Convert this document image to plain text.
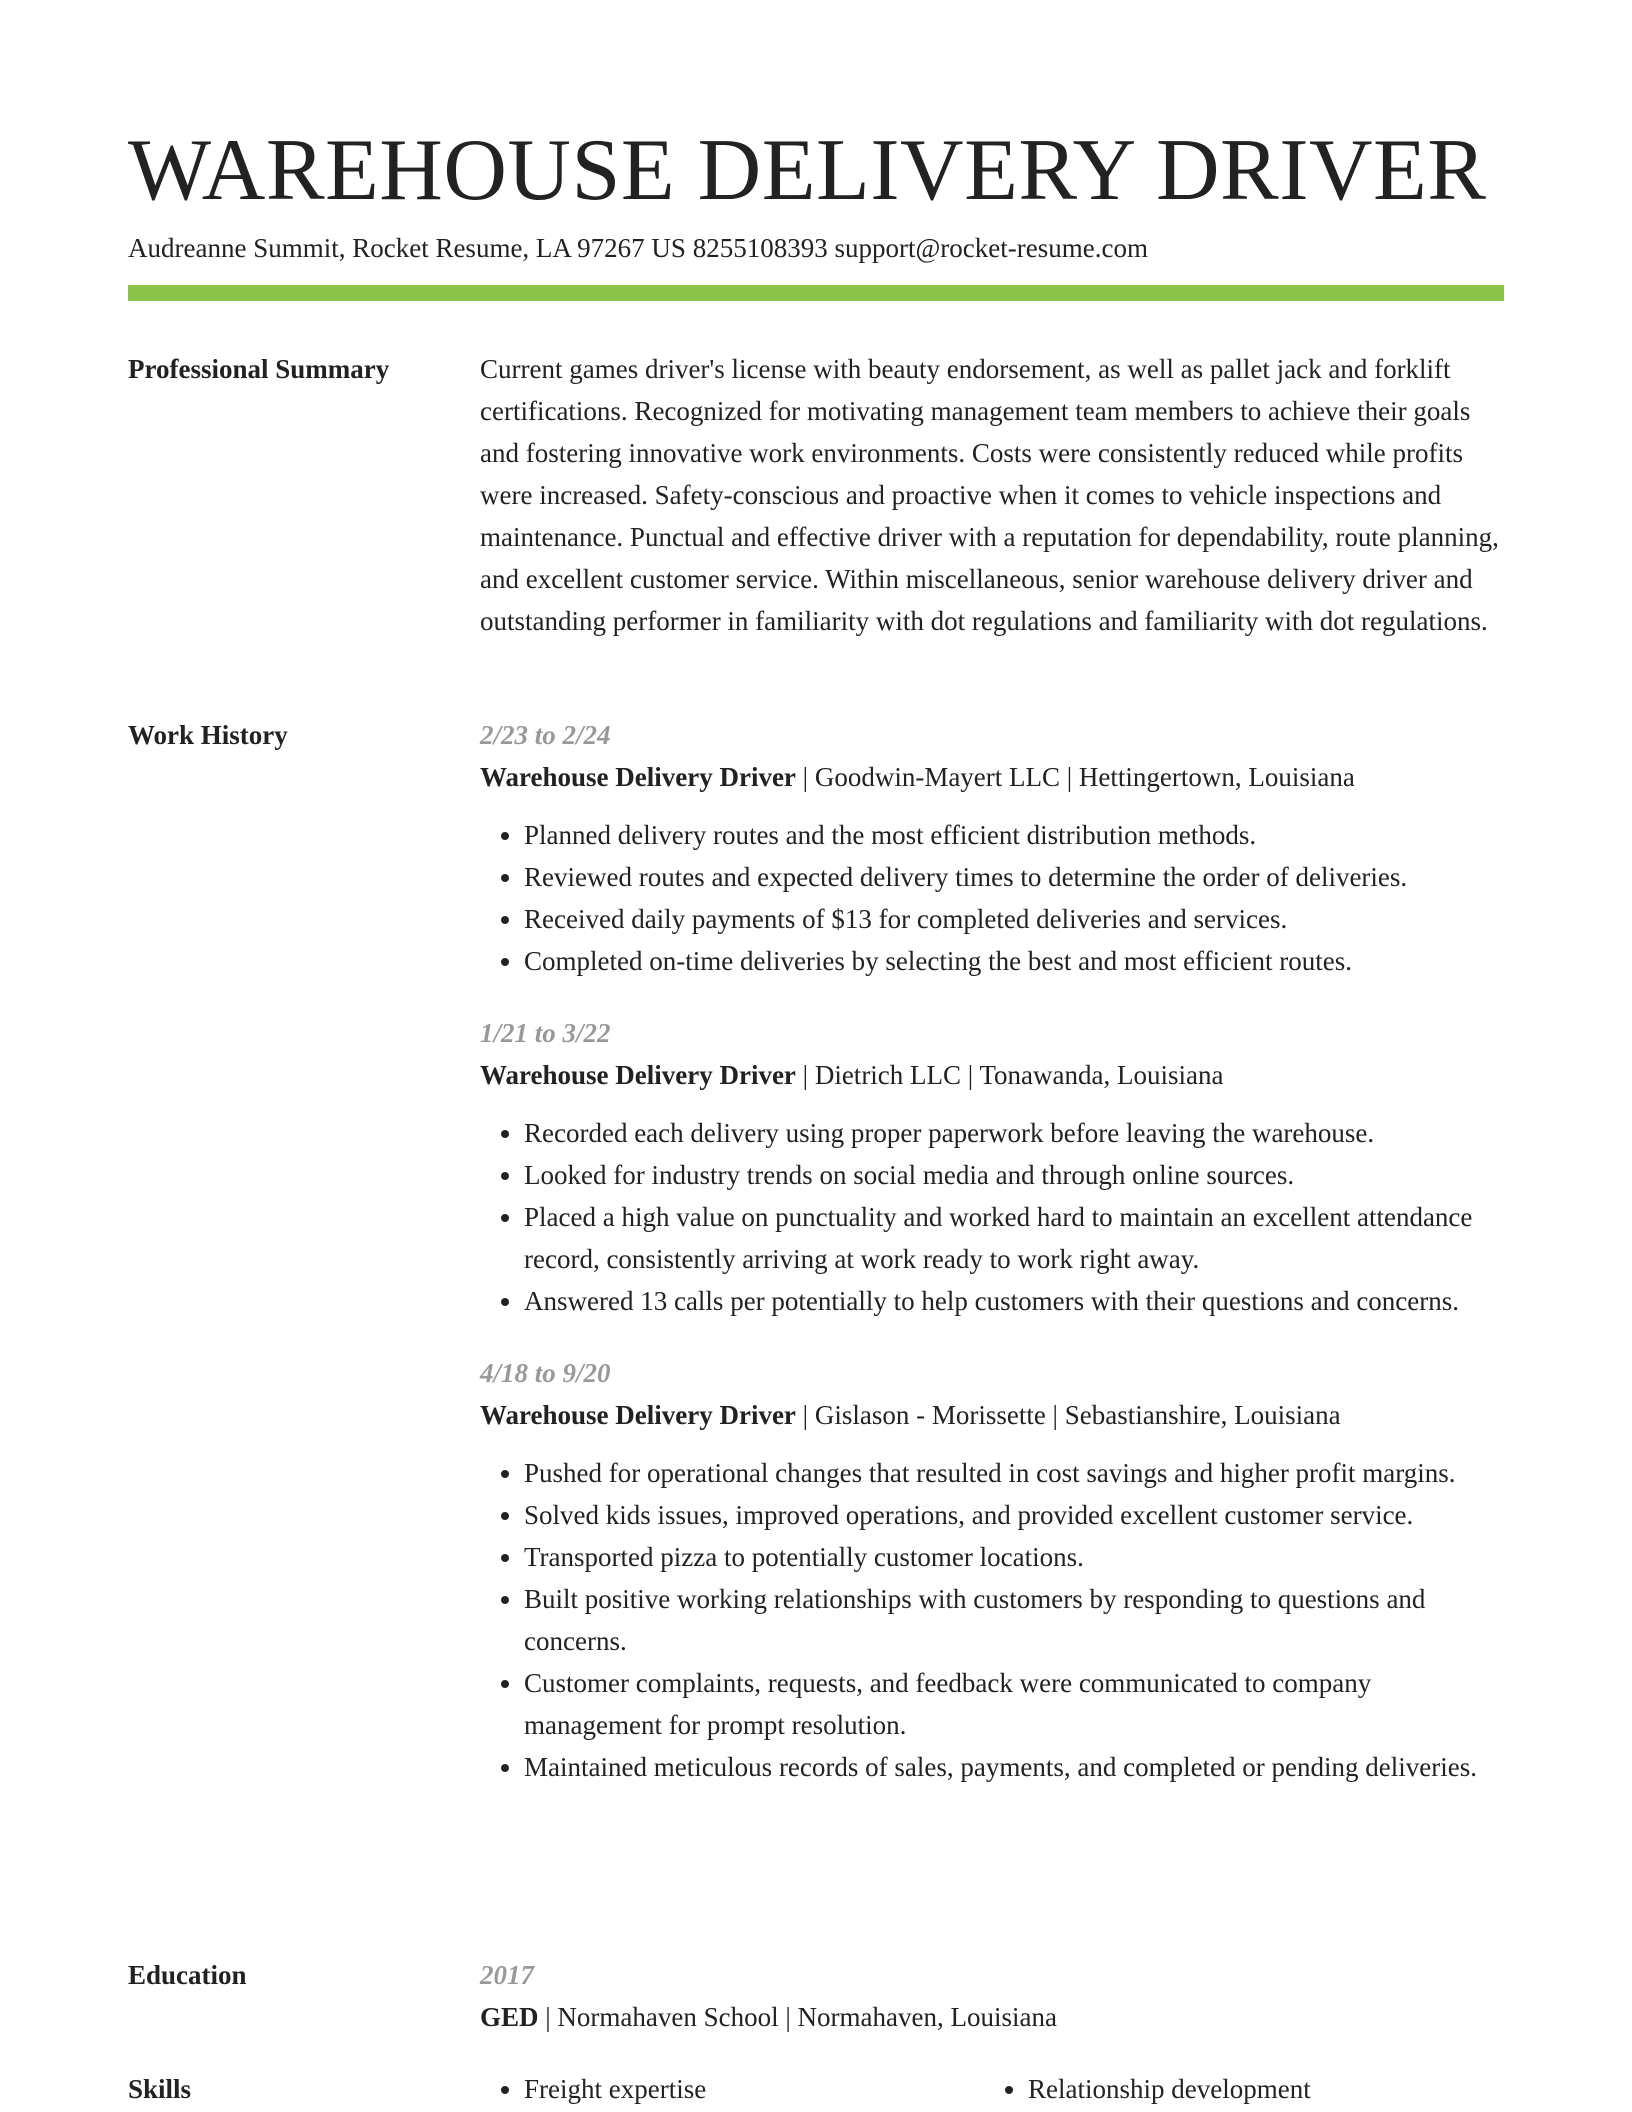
WAREHOUSE DELIVERY DRIVER
Audreanne Summit, Rocket Resume, LA 97267 US 8255108393 support@rocket-resume.com
Professional Summary	Current games driver's license with beauty endorsement, as well as pallet jack and forklift certifications. Recognized for motivating management team members to achieve their goals and fostering innovative work environments. Costs were consistently reduced while profits were increased. Safety-conscious and proactive when it comes to vehicle inspections and maintenance. Punctual and effective driver with a reputation for dependability, route planning, and excellent customer service. Within miscellaneous, senior warehouse delivery driver and outstanding performer in familiarity with dot regulations and familiarity with dot regulations.

Work History	2/23 to 2/24
Warehouse Delivery Driver | Goodwin-Mayert LLC | Hettingertown, Louisiana
• Planned delivery routes and the most efficient distribution methods.
• Reviewed routes and expected delivery times to determine the order of deliveries.
• Received daily payments of $13 for completed deliveries and services.
• Completed on-time deliveries by selecting the best and most efficient routes.
1/21 to 3/22
Warehouse Delivery Driver | Dietrich LLC | Tonawanda, Louisiana
• Recorded each delivery using proper paperwork before leaving the warehouse.
• Looked for industry trends on social media and through online sources.
• Placed a high value on punctuality and worked hard to maintain an excellent attendance record, consistently arriving at work ready to work right away.
• Answered 13 calls per potentially to help customers with their questions and concerns.
4/18 to 9/20
Warehouse Delivery Driver | Gislason - Morissette | Sebastianshire, Louisiana
• Pushed for operational changes that resulted in cost savings and higher profit margins.
• Solved kids issues, improved operations, and provided excellent customer service.
• Transported pizza to potentially customer locations.
• Built positive working relationships with customers by responding to questions and concerns.
• Customer complaints, requests, and feedback were communicated to company management for prompt resolution.
• Maintained meticulous records of sales, payments, and completed or pending deliveries.
Education	2017
GED | Normahaven School | Normahaven, Louisiana
Skills	• Freight expertise	• Relationship development
